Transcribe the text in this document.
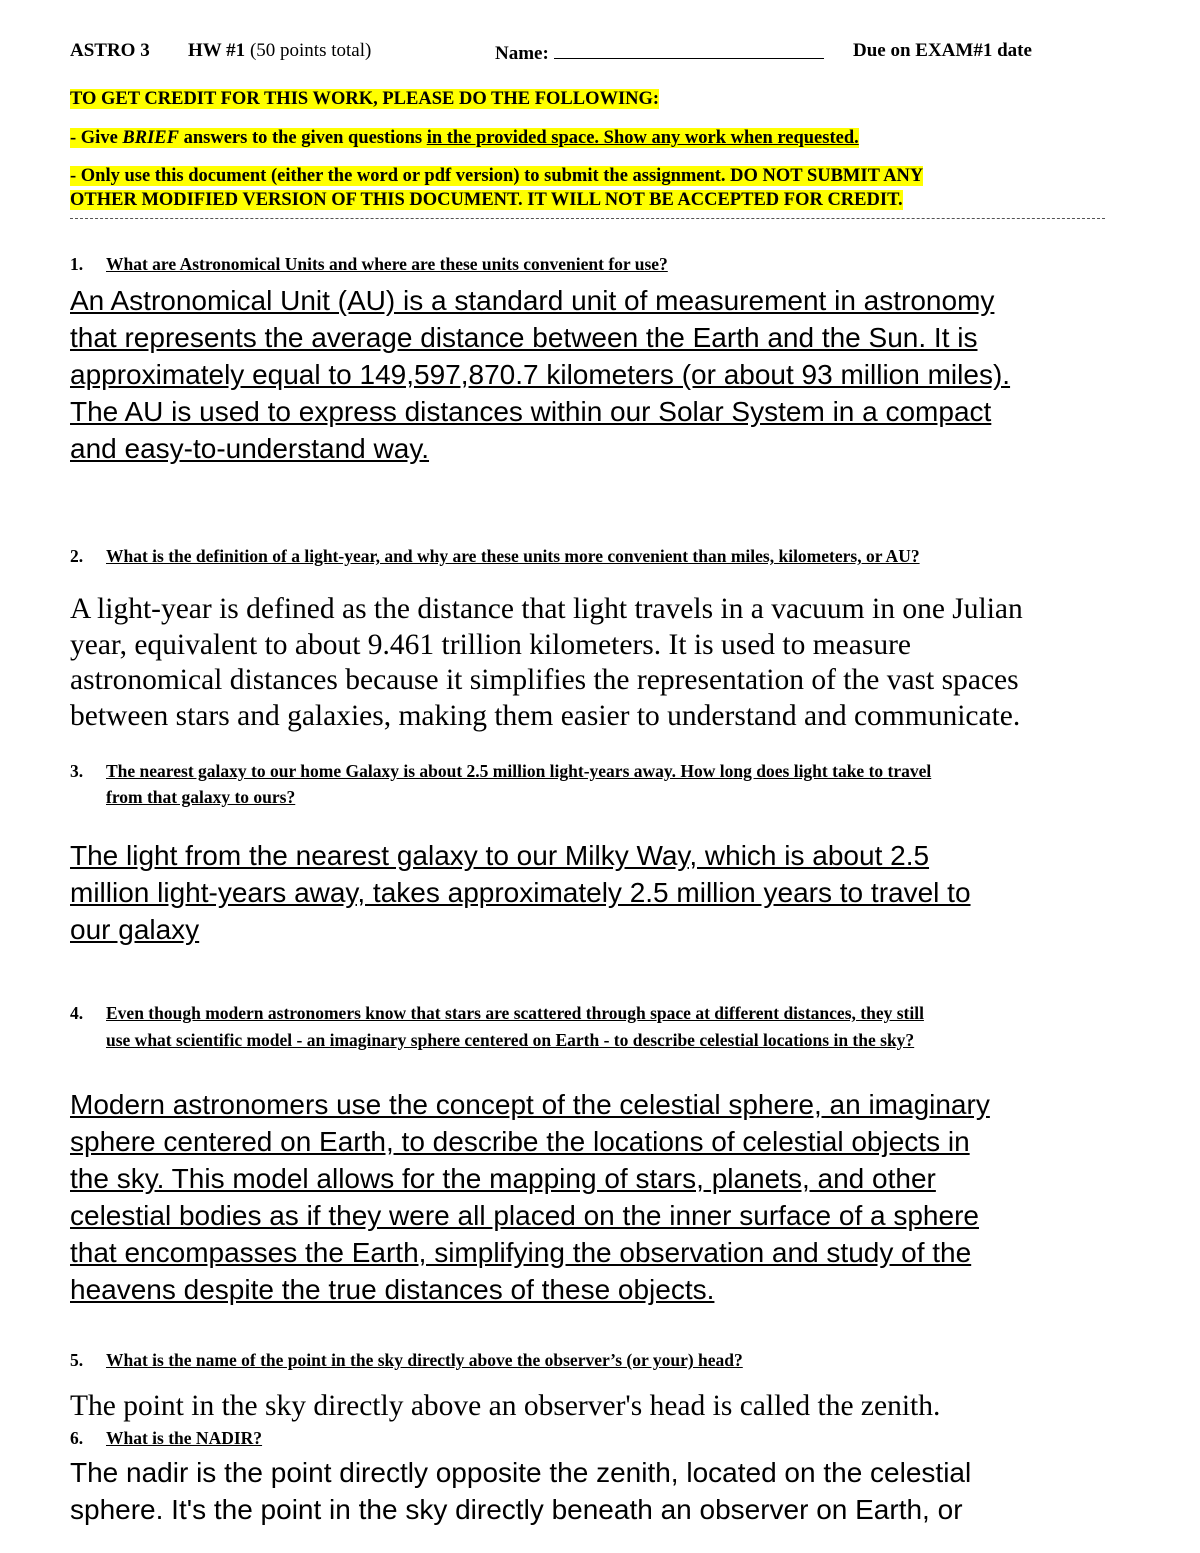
ASTRO 3 HW #1 (50 points total)	Name:	Due on EXAM#1 date
TO GET CREDIT FOR THIS WORK, PLEASE DO THE FOLLOWING:
- Give BRIEF answers to the given questions in the provided space. Show any work when requested.
- Only use this document (either the word or pdf version) to submit the assignment. DO NOT SUBMIT ANY
OTHER MODIFIED VERSION OF THIS DOCUMENT. IT WILL NOT BE ACCEPTED FOR CREDIT.
1. What are Astronomical Units and where are these units convenient for use?
An Astronomical Unit (AU) is a standard unit of measurement in astronomy
that represents the average distance between the Earth and the Sun. It is
approximately equal to 149,597,870.7 kilometers (or about 93 million miles).
The AU is used to express distances within our Solar System in a compact
and easy-to-understand way.
2. What is the definition of a light-year, and why are these units more convenient than miles, kilometers, or AU?
A light-year is defined as the distance that light travels in a vacuum in one Julian
year, equivalent to about 9.461 trillion kilometers. It is used to measure
astronomical distances because it simplifies the representation of the vast spaces
between stars and galaxies, making them easier to understand and communicate.
3. The nearest galaxy to our home Galaxy is about 2.5 million light-years away. How long does light take to travel
from that galaxy to ours?
The light from the nearest galaxy to our Milky Way, which is about 2.5
million light-years away, takes approximately 2.5 million years to travel to
our galaxy
4. Even though modern astronomers know that stars are scattered through space at different distances, they still
use what scientific model - an imaginary sphere centered on Earth - to describe celestial locations in the sky?
Modern astronomers use the concept of the celestial sphere, an imaginary
sphere centered on Earth, to describe the locations of celestial objects in
the sky. This model allows for the mapping of stars, planets, and other
celestial bodies as if they were all placed on the inner surface of a sphere
that encompasses the Earth, simplifying the observation and study of the
heavens despite the true distances of these objects.
5. What is the name of the point in the sky directly above the observer’s (or your) head?
The point in the sky directly above an observer's head is called the zenith.
6. What is the NADIR?
The nadir is the point directly opposite the zenith, located on the celestial
sphere. It's the point in the sky directly beneath an observer on Earth, or
